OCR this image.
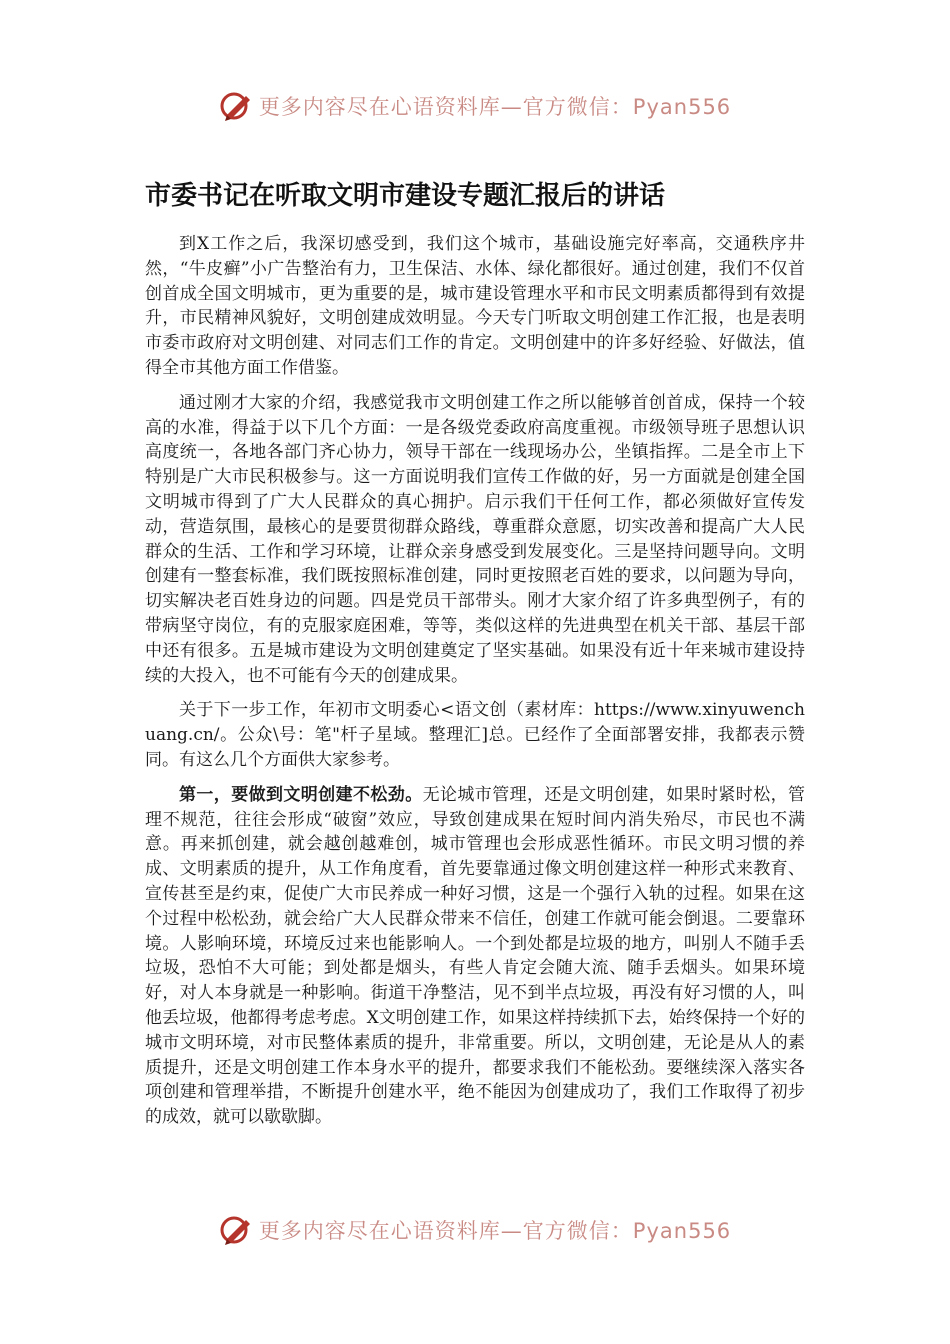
更多内容尽在心语资料库—官方微信：Pyan556
市委书记在听取文明市建设专题汇报后的讲话

到X工作之后，我深切感受到，我们这个城市，基础设施完好率高，交通秩序井然，“牛皮癣”小广告整治有力，卫生保洁、水体、绿化都很好。通过创建，我们不仅首创首成全国文明城市，更为重要的是，城市建设管理水平和市民文明素质都得到有效提升，市民精神风貌好，文明创建成效明显。今天专门听取文明创建工作汇报，也是表明市委市政府对文明创建、对同志们工作的肯定。文明创建中的许多好经验、好做法，值得全市其他方面工作借鉴。

通过刚才大家的介绍，我感觉我市文明创建工作之所以能够首创首成，保持一个较高的水准，得益于以下几个方面：一是各级党委政府高度重视。市级领导班子思想认识高度统一，各地各部门齐心协力，领导干部在一线现场办公，坐镇指挥。二是全市上下特别是广大市民积极参与。这一方面说明我们宣传工作做的好，另一方面就是创建全国文明城市得到了广大人民群众的真心拥护。启示我们干任何工作，都必须做好宣传发动，营造氛围，最核心的是要贯彻群众路线，尊重群众意愿，切实改善和提高广大人民群众的生活、工作和学习环境，让群众亲身感受到发展变化。三是坚持问题导向。文明创建有一整套标准，我们既按照标准创建，同时更按照老百姓的要求，以问题为导向，切实解决老百姓身边的问题。四是党员干部带头。刚才大家介绍了许多典型例子，有的带病坚守岗位，有的克服家庭困难，等等，类似这样的先进典型在机关干部、基层干部中还有很多。五是城市建设为文明创建奠定了坚实基础。如果没有近十年来城市建设持续的大投入，也不可能有今天的创建成果。

关于下一步工作，年初市文明委心<语文创（素材库：https://www.xinyuwenchuang.cn/。公众\号：笔"杆子星域。整理汇]总。已经作了全面部署安排，我都表示赞同。有这么几个方面供大家参考。

第一，要做到文明创建不松劲。无论城市管理，还是文明创建，如果时紧时松，管理不规范，往往会形成“破窗”效应，导致创建成果在短时间内消失殆尽，市民也不满意。再来抓创建，就会越创越难创，城市管理也会形成恶性循环。市民文明习惯的养成、文明素质的提升，从工作角度看，首先要靠通过像文明创建这样一种形式来教育、宣传甚至是约束，促使广大市民养成一种好习惯，这是一个强行入轨的过程。如果在这个过程中松松劲，就会给广大人民群众带来不信任，创建工作就可能会倒退。二要靠环境。人影响环境，环境反过来也能影响人。一个到处都是垃圾的地方，叫别人不随手丢垃圾，恐怕不大可能；到处都是烟头，有些人肯定会随大流、随手丢烟头。如果环境好，对人本身就是一种影响。街道干净整洁，见不到半点垃圾，再没有好习惯的人，叫他丢垃圾，他都得考虑考虑。X文明创建工作，如果这样持续抓下去，始终保持一个好的城市文明环境，对市民整体素质的提升，非常重要。所以，文明创建，无论是从人的素质提升，还是文明创建工作本身水平的提升，都要求我们不能松劲。要继续深入落实各项创建和管理举措，不断提升创建水平，绝不能因为创建成功了，我们工作取得了初步的成效，就可以歇歇脚。

更多内容尽在心语资料库—官方微信：Pyan556
